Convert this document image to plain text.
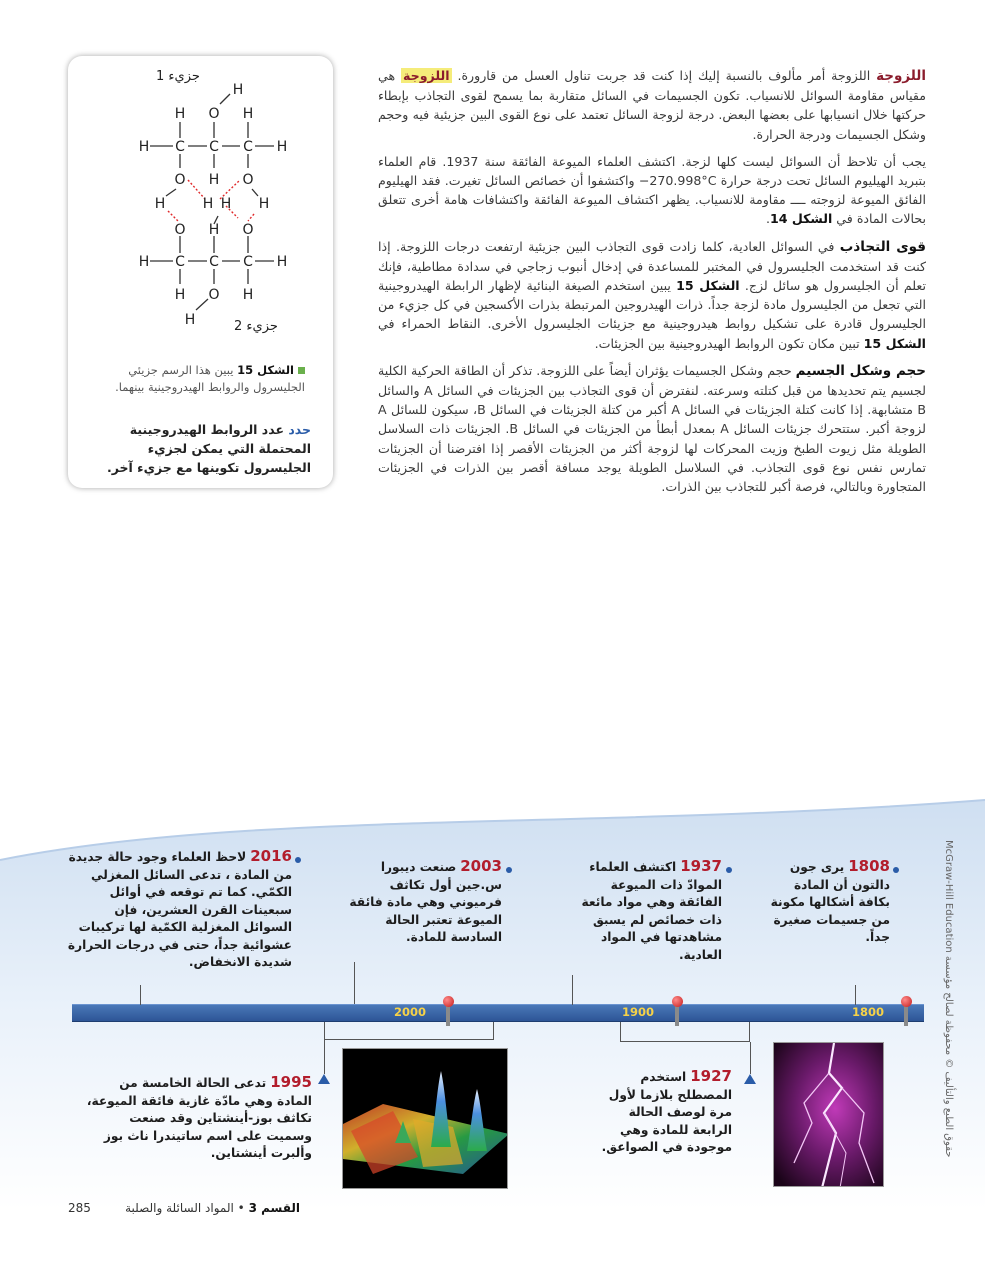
اللزوجة اللزوجة أمر مألوف بالنسبة إليك إذا كنت قد جربت تناول العسل من قارورة. اللزوجة هي مقياس مقاومة السوائل للانسياب. تكون الجسيمات في السائل متقاربة بما يسمح لقوى التجاذب بإبطاء حركتها خلال انسيابها على بعضها البعض. درجة لزوجة السائل تعتمد على نوع القوى البين جزيئية فيه وحجم وشكل الجسيمات ودرجة الحرارة.

يجب أن تلاحظ أن السوائل ليست كلها لزجة. اكتشف العلماء الميوعة الفائقة سنة 1937. قام العلماء بتبريد الهيليوم السائل تحت درجة حرارة ‎−270.998°C‎ واكتشفوا أن خصائص السائل تغيرت. فقد الهيليوم الفائق الميوعة لزوجته ــــ مقاومة للانسياب. يظهر اكتشاف الميوعة الفائقة واكتشافات هامة أخرى تتعلق بحالات المادة في الشكل 14.

قوى التجاذب في السوائل العادية، كلما زادت قوى التجاذب البين جزيئية ارتفعت درجات اللزوجة. إذا كنت قد استخدمت الجليسرول في المختبر للمساعدة في إدخال أنبوب زجاجي في سدادة مطاطية، فإنك تعلم أن الجليسرول هو سائل لزج. الشكل 15 يبين استخدم الصيغة البنائية لإظهار الرابطة الهيدروجينية التي تجعل من الجليسرول مادة لزجة جداً. ذرات الهيدروجين المرتبطة بذرات الأكسجين في كل جزيء من الجليسرول قادرة على تشكيل روابط هيدروجينية مع جزيئات الجليسرول الأخرى. النقاط الحمراء في الشكل 15 تبين مكان تكون الروابط الهيدروجينية بين الجزيئات.

حجم وشكل الجسيم حجم وشكل الجسيمات يؤثران أيضاً على اللزوجة. تذكر أن الطاقة الحركية الكلية لجسيم يتم تحديدها من قبل كتلته وسرعته. لنفترض أن قوى التجاذب بين الجزيئات في السائل A والسائل B متشابهة. إذا كانت كتلة الجزيئات في السائل A أكبر من كتلة الجزيئات في السائل B، سيكون للسائل A لزوجة أكبر. ستتحرك جزيئات السائل A بمعدل أبطأ من الجزيئات في السائل B. الجزيئات ذات السلاسل الطويلة مثل زيوت الطبخ وزيت المحركات لها لزوجة أكثر من الجزيئات الأقصر إذا افترضنا أن الجزيئات تمارس نفس نوع قوى التجاذب. في السلاسل الطويلة يوجد مسافة أقصر بين الذرات في الجزيئات المتجاورة وبالتالي، فرصة أكبر للتجاذب بين الذرات.

جزيء 1
H
H O H
H C C C H
O H O
H	H
H H
O H O
H C C C H
H O H
H	جزيء 2
الشكل 15 يبين هذا الرسم جزيئي الجليسرول والروابط الهيدروجينية بينهما.
حدد عدد الروابط الهيدروجينية المحتملة التي يمكن لجزيء الجليسرول تكوينها مع جزيء آخر.
2000	1900	1800
1808يرى جون دالتون أن المادة بكافة أشكالها مكونة من جسيمات صغيرة جداً.
1937اكتشف العلماء الموادّ ذات الميوعة الفائقة وهي مواد مائعة ذات خصائص لم يسبق مشاهدتها في المواد العادية.
2003صنعت ديبورا س.جين أول تكاثف فرميوني وهي مادة فائقة الميوعة تعتبر الحالة السادسة للمادة.
2016لاحظ العلماء وجود حالة جديدة من المادة ، تدعى السائل المغزلي الكمّي. كما تم توقعه في أوائل سبعينات القرن العشرين، فإن السوائل المغزلية الكمّية لها تركيبات عشوائية جداً، حتى في درجات الحرارة شديدة الانخفاض.
1927استخدم المصطلح بلازما لأول مرة لوصف الحالة الرابعة للمادة وهي موجودة في الصواعق.
1995تدعى الحالة الخامسة من المادة وهي مادّة غازية فائقة الميوعة، تكاثف بوز-أينشتاين وقد صنعت وسميت على اسم ساتيندرا ناث بوز وألبرت أينشتاين.
McGraw-Hill Education حقوق الطبع والتأليف © محفوظة لصالح مؤسسة
285	القسم 3 • المواد السائلة والصلبة
